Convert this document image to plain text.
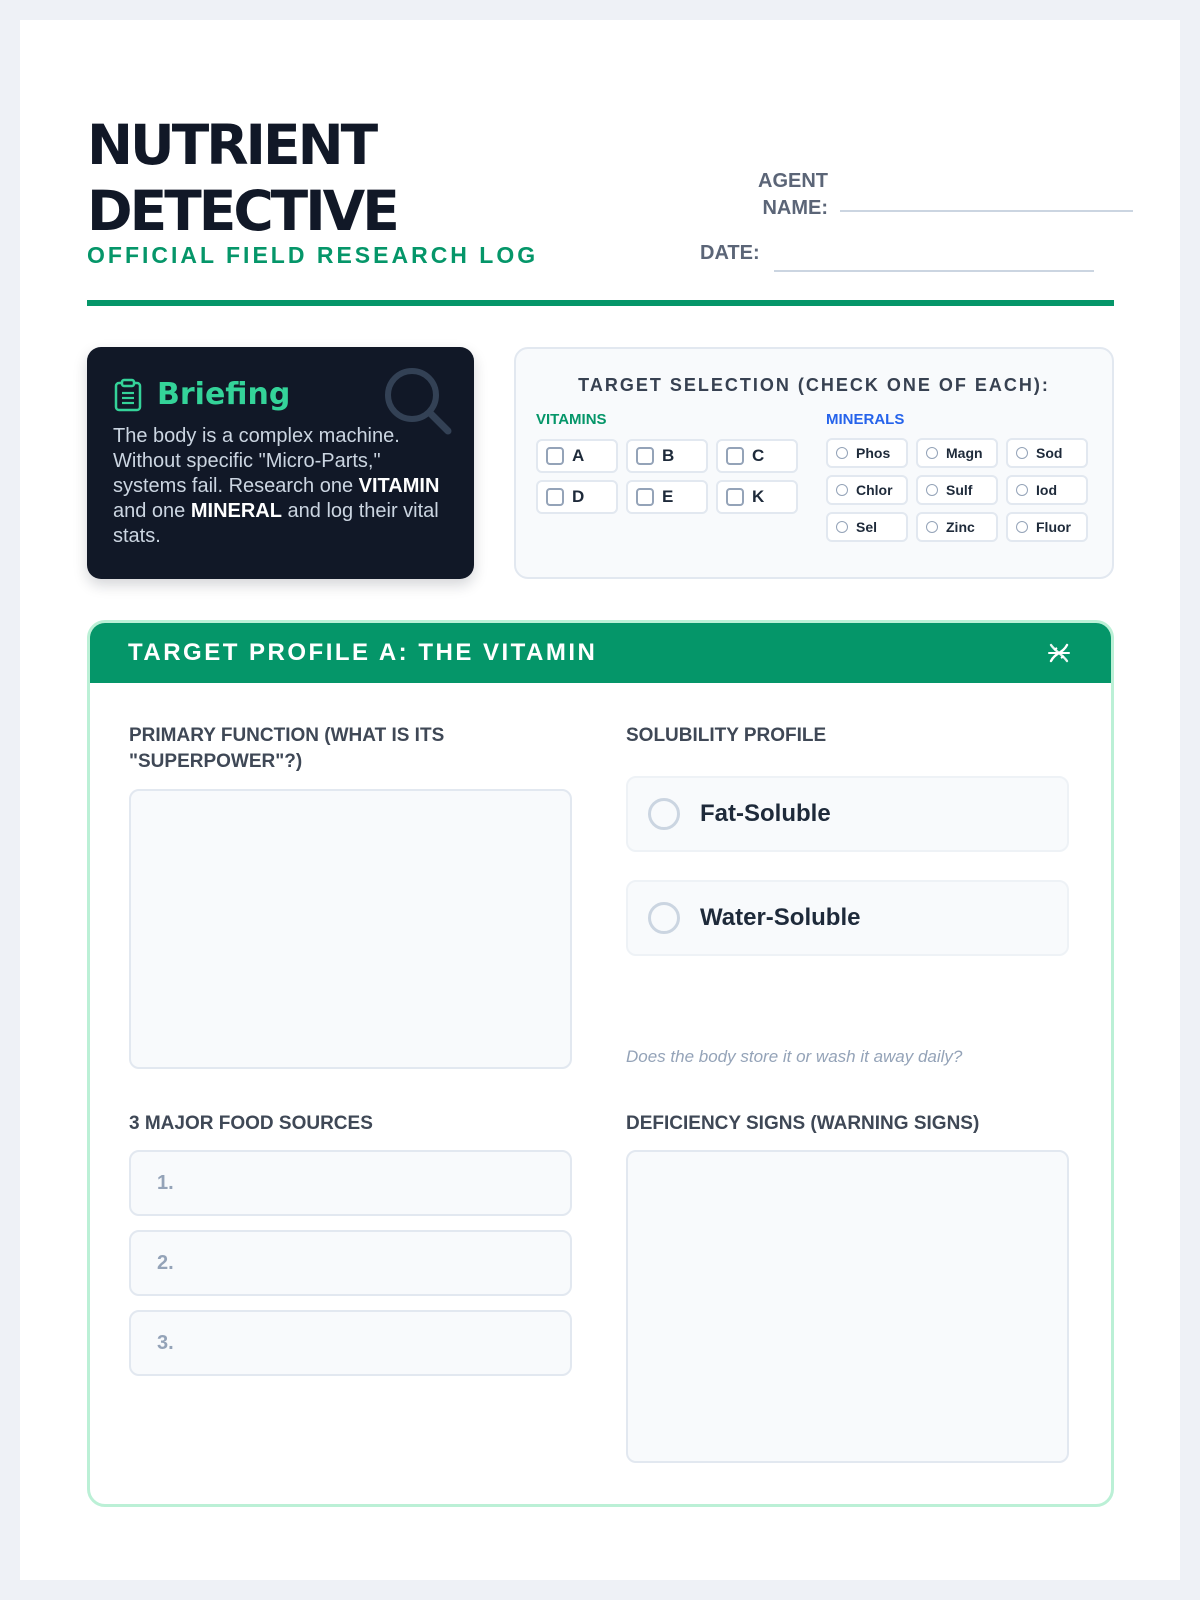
NUTRIENT
DETECTIVE
OFFICIAL FIELD RESEARCH LOG
AGENT
NAME:
DATE:
Briefing
The body is a complex machine. Without specific "Micro-Parts," systems fail. Research one VITAMIN and one MINERAL and log their vital stats.
TARGET SELECTION (CHECK ONE OF EACH):
VITAMINS	MINERALS
A	B	C
D	E	K
Phos	Magn	Sod
Chlor	Sulf	Iod
Sel	Zinc	Fluor
TARGET PROFILE A: THE VITAMIN
PRIMARY FUNCTION (WHAT IS ITS "SUPERPOWER"?)
SOLUBILITY PROFILE
Fat-Soluble
Water-Soluble
Does the body store it or wash it away daily?
3 MAJOR FOOD SOURCES
1.
2.
3.
DEFICIENCY SIGNS (WARNING SIGNS)
